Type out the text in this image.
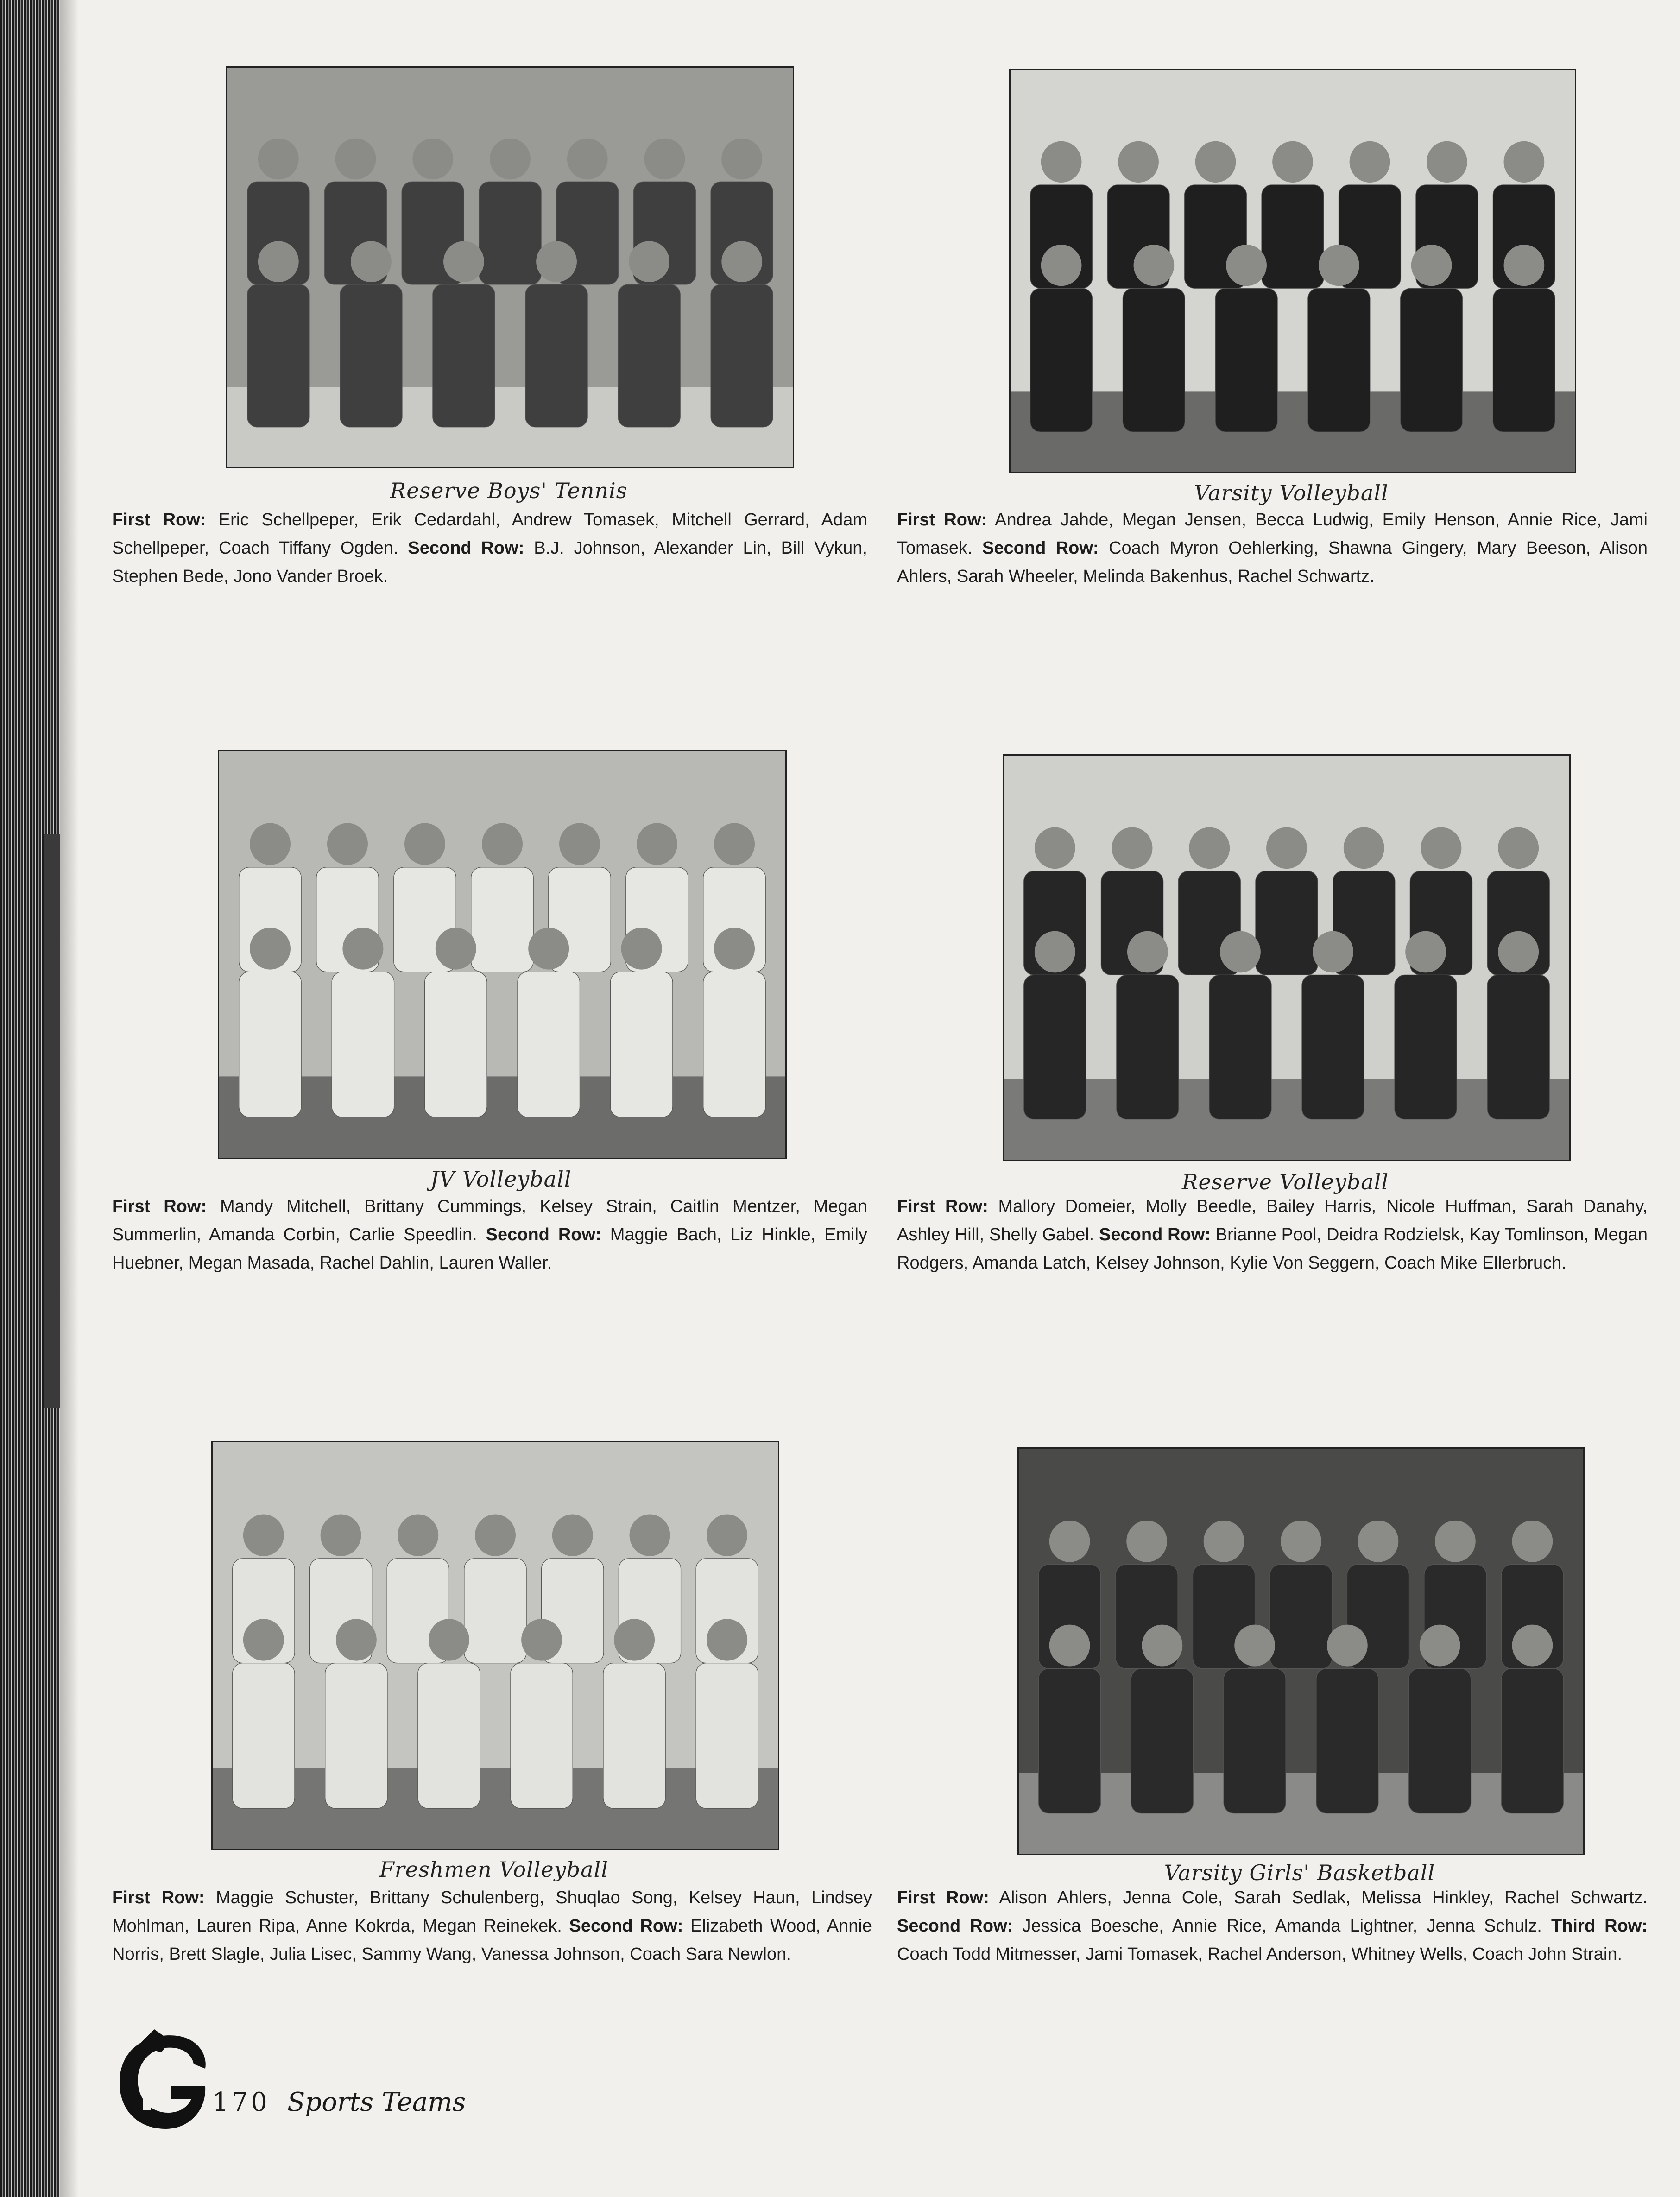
Reserve Boys' Tennis
First Row: Eric Schellpeper, Erik Cedardahl, Andrew Tomasek, Mitchell Gerrard, Adam Schellpeper, Coach Tiffany Ogden. Second Row: B.J. Johnson, Alexander Lin, Bill Vykun, Stephen Bede, Jono Vander Broek.
Varsity Volleyball
First Row: Andrea Jahde, Megan Jensen, Becca Ludwig, Emily Henson, Annie Rice, Jami Tomasek. Second Row: Coach Myron Oehlerking, Shawna Gingery, Mary Beeson, Alison Ahlers, Sarah Wheeler, Melinda Bakenhus, Rachel Schwartz.
JV Volleyball
First Row: Mandy Mitchell, Brittany Cummings, Kelsey Strain, Caitlin Mentzer, Megan Summerlin, Amanda Corbin, Carlie Speedlin. Second Row: Maggie Bach, Liz Hinkle, Emily Huebner, Megan Masada, Rachel Dahlin, Lauren Waller.
Reserve Volleyball
First Row: Mallory Domeier, Molly Beedle, Bailey Harris, Nicole Huffman, Sarah Danahy, Ashley Hill, Shelly Gabel. Second Row: Brianne Pool, Deidra Rodzielsk, Kay Tomlinson, Megan Rodgers, Amanda Latch, Kelsey Johnson, Kylie Von Seggern, Coach Mike Ellerbruch.
Freshmen Volleyball
First Row: Maggie Schuster, Brittany Schulenberg, Shuqlao Song, Kelsey Haun, Lindsey Mohlman, Lauren Ripa, Anne Kokrda, Megan Reinekek. Second Row: Elizabeth Wood, Annie Norris, Brett Slagle, Julia Lisec, Sammy Wang, Vanessa Johnson, Coach Sara Newlon.
Varsity Girls' Basketball
First Row: Alison Ahlers, Jenna Cole, Sarah Sedlak, Melissa Hinkley, Rachel Schwartz. Second Row: Jessica Boesche, Annie Rice, Amanda Lightner, Jenna Schulz. Third Row: Coach Todd Mitmesser, Jami Tomasek, Rachel Anderson, Whitney Wells, Coach John Strain.
170 Sports Teams
